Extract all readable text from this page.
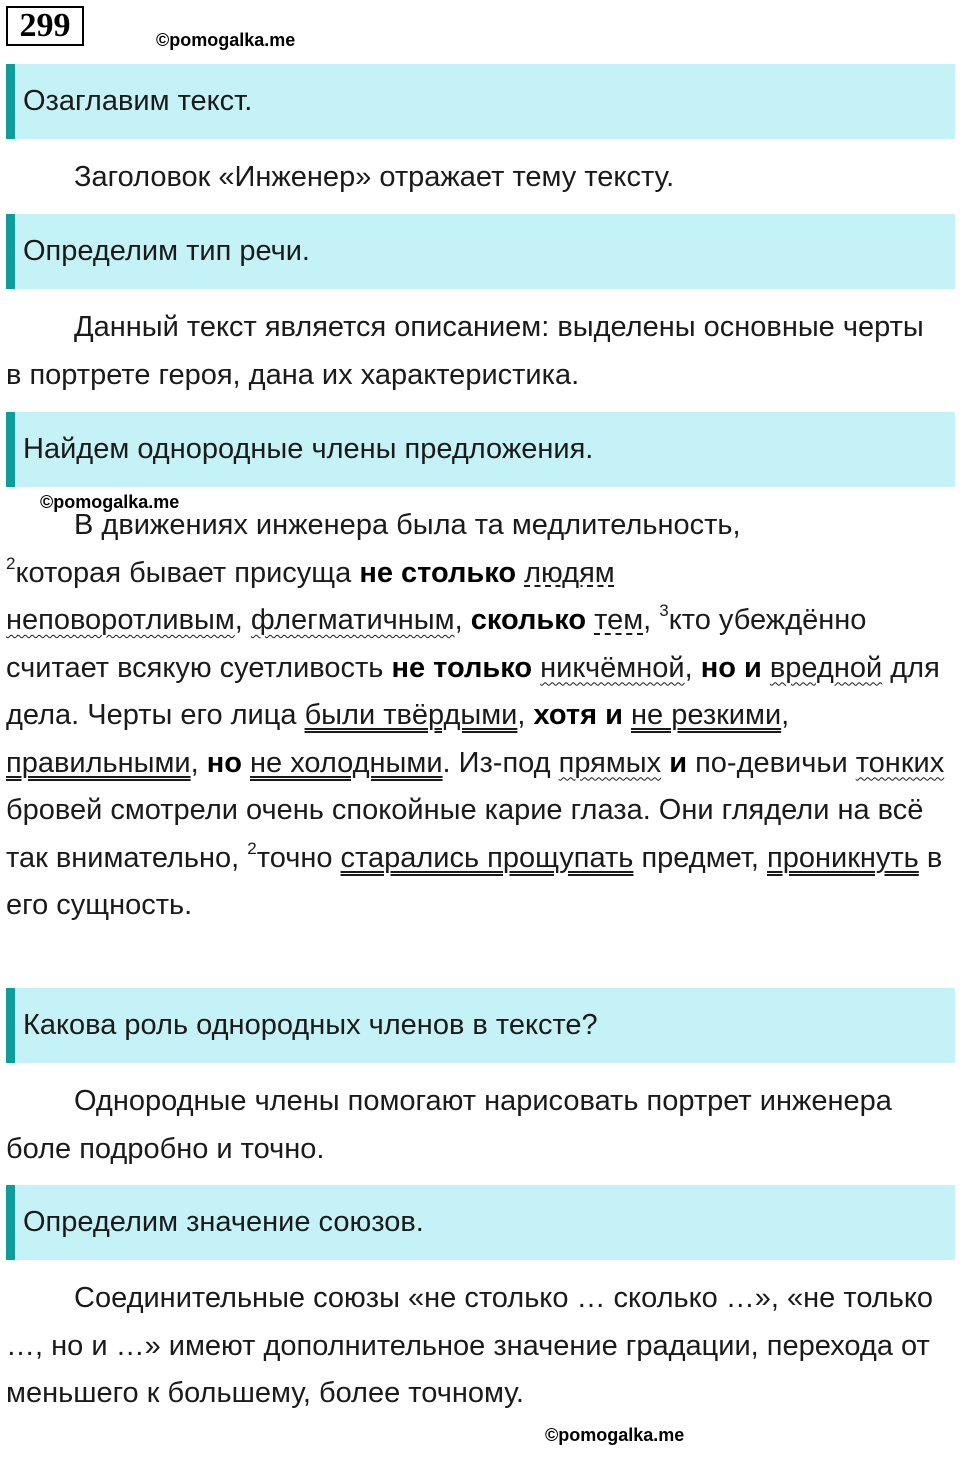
299	©pomogalka.me
Озаглавим текст.
Заголовок «Инженер» отражает тему тексту.
Определим тип речи.
Данный текст является описанием: выделены основные черты в портрете героя, дана их характеристика.
Найдем однородные члены предложения.
©pomogalka.me
В движениях инженера была та медлительность,
$^2$которая бывает присуща не столько людям
неповоротливым, флегматичным, сколько тем, $^3$кто убеждённо считает всякую суетливость не только никчёмной, но и вредной для дела. Черты его лица были твёрдыми, хотя и не резкими, правильными, но не холодными. Из-под прямых и по-девичьи тонких бровей смотрели очень спокойные карие глаза. Они глядели на всё так внимательно, $^2$точно старались прощупать предмет, проникнуть в его сущность.
Какова роль однородных членов в тексте?
Однородные члены помогают нарисовать портрет инженера боле подробно и точно.
Определим значение союзов.
Соединительные союзы «не столько … сколько …», «не только …, но и …» имеют дополнительное значение градации, перехода от меньшего к большему, более точному.
©pomogalka.me
